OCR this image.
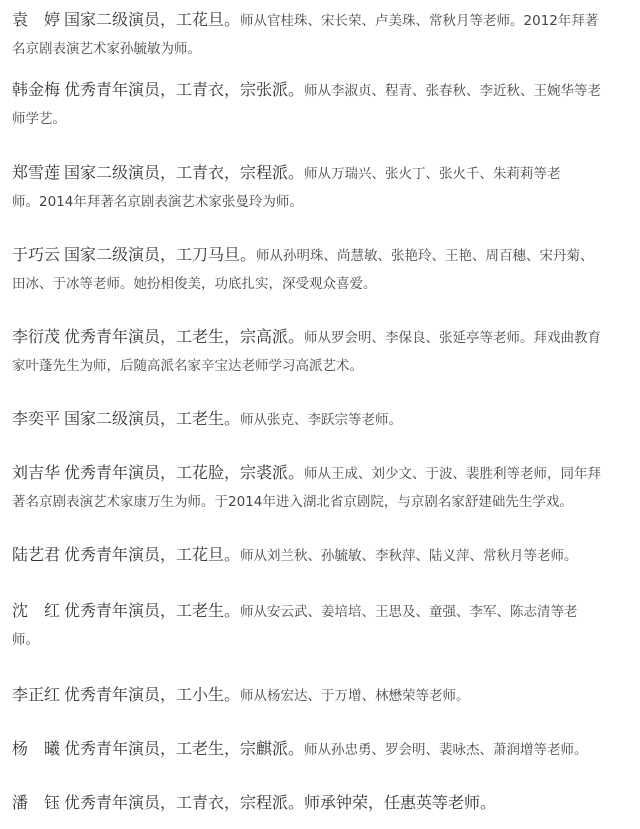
袁　婷 国家二级演员，工花旦。师从官桂珠、宋长荣、卢美珠、常秋月等老师。2012年拜著
名京剧表演艺术家孙毓敏为师。
韩金梅 优秀青年演员，工青衣，宗张派。师从李淑贞、程青、张春秋、李近秋、王婉华等老
师学艺。
郑雪莲 国家二级演员，工青衣，宗程派。师从万瑞兴、张火丁、张火千、朱莉莉等老
师。2014年拜著名京剧表演艺术家张曼玲为师。
于巧云 国家二级演员，工刀马旦。师从孙明珠、尚慧敏、张艳玲、王艳、周百穗、宋丹菊、
田冰、于冰等老师。她扮相俊美，功底扎实，深受观众喜爱。
李衍茂 优秀青年演员，工老生，宗高派。师从罗会明、李保良、张延亭等老师。拜戏曲教育
家叶蓬先生为师，后随高派名家辛宝达老师学习高派艺术。
李奕平 国家二级演员，工老生。师从张克、李跃宗等老师。
刘吉华 优秀青年演员，工花脸，宗裘派。师从王成、刘少文、于波、裴胜利等老师，同年拜
著名京剧表演艺术家康万生为师。于2014年进入湖北省京剧院，与京剧名家舒建础先生学戏。
陆艺君 优秀青年演员，工花旦。师从刘兰秋、孙毓敏、李秋萍、陆义萍、常秋月等老师。
沈　红 优秀青年演员，工老生。师从安云武、姜培培、王思及、童强、李军、陈志清等老
师。
李正红 优秀青年演员，工小生。师从杨宏达、于万增、林懋荣等老师。
杨　曦 优秀青年演员，工老生，宗麒派。师从孙忠勇、罗会明、裴咏杰、萧润增等老师。
潘　钰 优秀青年演员，工青衣，宗程派。师承钟荣，任惠英等老师。
